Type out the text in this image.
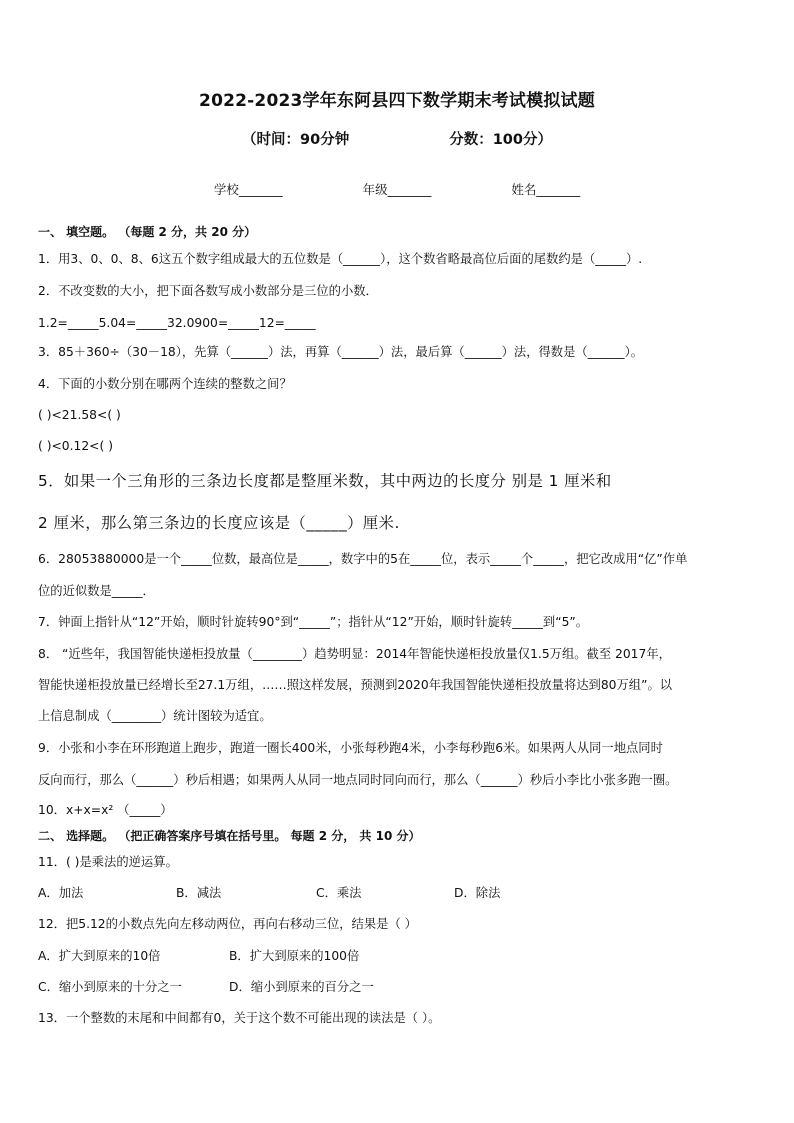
2022-2023学年东阿县四下数学期末考试模拟试题
（时间：90分钟	分数：100分）
学校_______	年级_______	姓名_______
一、 填空题。 （每题 2 分，共 20 分）
1．用3、0、0、8、6这五个数字组成最大的五位数是（______），这个数省略最高位后面的尾数约是（_____）.
2．不改变数的大小，把下面各数写成小数部分是三位的小数．
1.2=_____5.04=_____32.0900=_____12=_____
3．85＋360÷（30－18），先算（______）法，再算（______）法，最后算（______）法，得数是（______）。
4．下面的小数分别在哪两个连续的整数之间？
( )<21.58<( )
( )<0.12<( )
5．如果一个三角形的三条边长度都是整厘米数，其中两边的长度分 别是 1 厘米和
2 厘米，那么第三条边的长度应该是（_____）厘米.
6．28053880000是一个_____位数，最高位是_____，数字中的5在_____位，表示_____个_____，把它改成用“亿”作单
位的近似数是_____．
7．钟面上指针从“12”开始，顺时针旋转90°到“_____”；指针从“12”开始，顺时针旋转_____到“5”。
8． “近些年，我国智能快递柜投放量（________）趋势明显：2014年智能快递柜投放量仅1.5万组。截至 2017年，
智能快递柜投放量已经增长至27.1万组，……照这样发展，预测到2020年我国智能快递柜投放量将达到80万组”。以
上信息制成（________）统计图较为适宜。
9．小张和小李在环形跑道上跑步，跑道一圈长400米，小张每秒跑4米，小李每秒跑6米。如果两人从同一地点同时
反向而行，那么（______）秒后相遇；如果两人从同一地点同时同向而行，那么（______）秒后小李比小张多跑一圈。
10．x+x=x² （_____）
二、 选择题。 （把正确答案序号填在括号里。 每题 2 分， 共 10 分）
11．( )是乘法的逆运算。
A．加法	B．减法	C．乘法	D．除法
12．把5.12的小数点先向左移动两位，再向右移动三位，结果是（ ）
A．扩大到原来的10倍	B．扩大到原来的100倍
C．缩小到原来的十分之一	D．缩小到原来的百分之一
13．一个整数的末尾和中间都有0，关于这个数不可能出现的读法是（ ）。
